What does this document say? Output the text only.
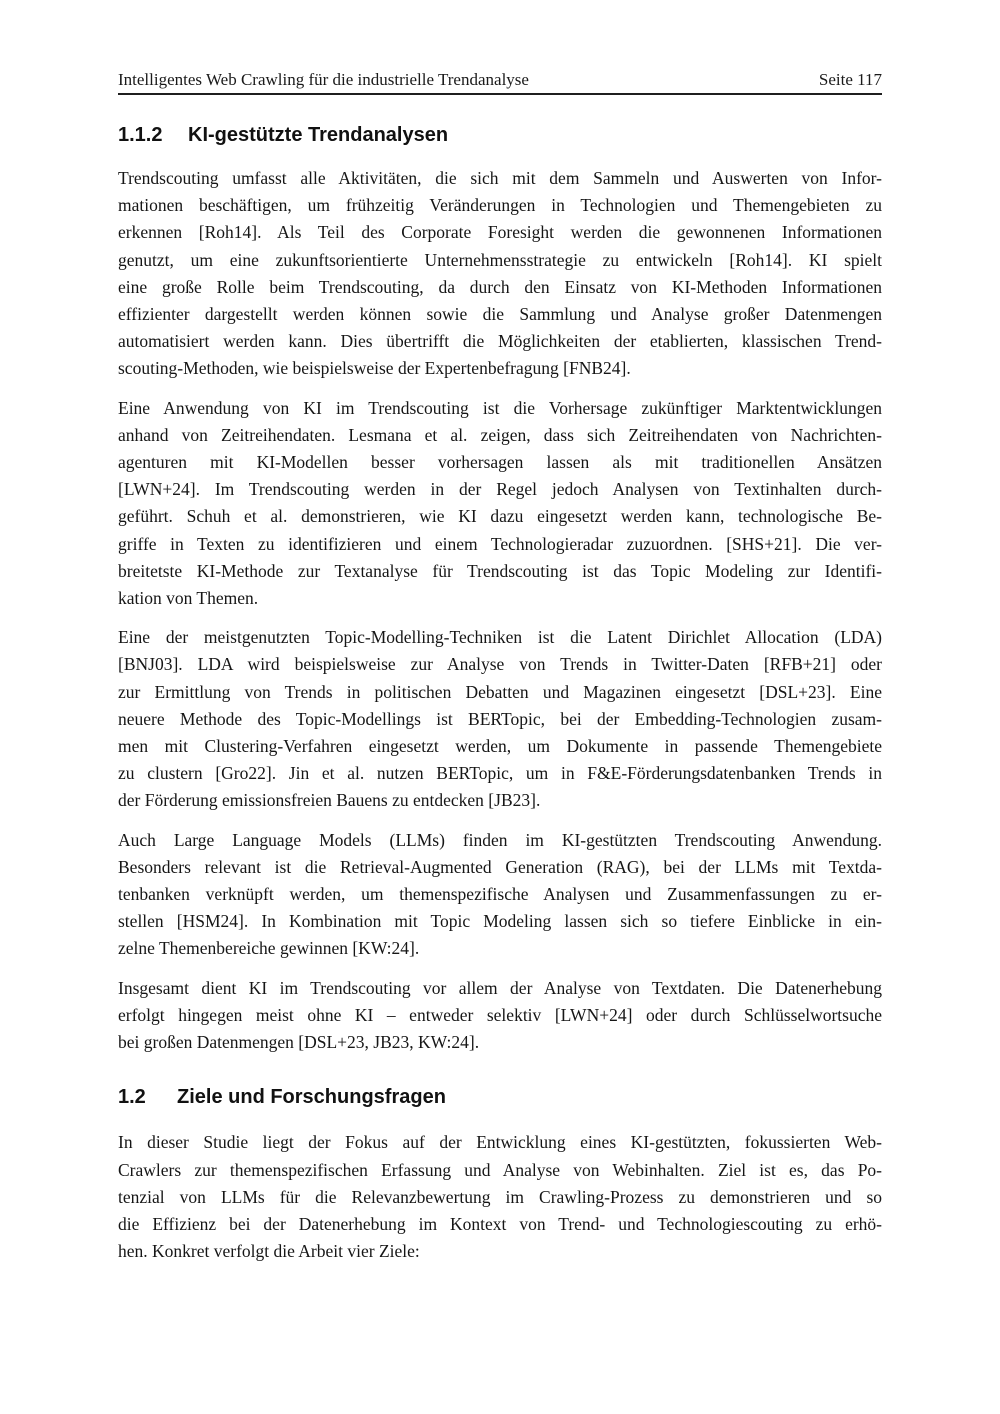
Intelligentes Web Crawling für die industrielle Trendanalyse	Seite 117
1.1.2	KI-gestützte Trendanalysen
Trendscouting umfasst alle Aktivitäten, die sich mit dem Sammeln und Auswerten von Infor-
mationen beschäftigen, um frühzeitig Veränderungen in Technologien und Themengebieten zu
erkennen [Roh14]. Als Teil des Corporate Foresight werden die gewonnenen Informationen
genutzt, um eine zukunftsorientierte Unternehmensstrategie zu entwickeln [Roh14]. KI spielt
eine große Rolle beim Trendscouting, da durch den Einsatz von KI-Methoden Informationen
effizienter dargestellt werden können sowie die Sammlung und Analyse großer Datenmengen
automatisiert werden kann. Dies übertrifft die Möglichkeiten der etablierten, klassischen Trend-
scouting-Methoden, wie beispielsweise der Expertenbefragung [FNB24].
Eine Anwendung von KI im Trendscouting ist die Vorhersage zukünftiger Marktentwicklungen
anhand von Zeitreihendaten. Lesmana et al. zeigen, dass sich Zeitreihendaten von Nachrichten-
agenturen mit KI-Modellen besser vorhersagen lassen als mit traditionellen Ansätzen
[LWN+24]. Im Trendscouting werden in der Regel jedoch Analysen von Textinhalten durch-
geführt. Schuh et al. demonstrieren, wie KI dazu eingesetzt werden kann, technologische Be-
griffe in Texten zu identifizieren und einem Technologieradar zuzuordnen. [SHS+21]. Die ver-
breitetste KI-Methode zur Textanalyse für Trendscouting ist das Topic Modeling zur Identifi-
kation von Themen.
Eine der meistgenutzten Topic-Modelling-Techniken ist die Latent Dirichlet Allocation (LDA)
[BNJ03]. LDA wird beispielsweise zur Analyse von Trends in Twitter-Daten [RFB+21] oder
zur Ermittlung von Trends in politischen Debatten und Magazinen eingesetzt [DSL+23]. Eine
neuere Methode des Topic-Modellings ist BERTopic, bei der Embedding-Technologien zusam-
men mit Clustering-Verfahren eingesetzt werden, um Dokumente in passende Themengebiete
zu clustern [Gro22]. Jin et al. nutzen BERTopic, um in F&E-Förderungsdatenbanken Trends in
der Förderung emissionsfreien Bauens zu entdecken [JB23].
Auch Large Language Models (LLMs) finden im KI-gestützten Trendscouting Anwendung.
Besonders relevant ist die Retrieval-Augmented Generation (RAG), bei der LLMs mit Textda-
tenbanken verknüpft werden, um themenspezifische Analysen und Zusammenfassungen zu er-
stellen [HSM24]. In Kombination mit Topic Modeling lassen sich so tiefere Einblicke in ein-
zelne Themenbereiche gewinnen [KW:24].
Insgesamt dient KI im Trendscouting vor allem der Analyse von Textdaten. Die Datenerhebung
erfolgt hingegen meist ohne KI – entweder selektiv [LWN+24] oder durch Schlüsselwortsuche
bei großen Datenmengen [DSL+23, JB23, KW:24].
1.2	Ziele und Forschungsfragen
In dieser Studie liegt der Fokus auf der Entwicklung eines KI-gestützten, fokussierten Web-
Crawlers zur themenspezifischen Erfassung und Analyse von Webinhalten. Ziel ist es, das Po-
tenzial von LLMs für die Relevanzbewertung im Crawling-Prozess zu demonstrieren und so
die Effizienz bei der Datenerhebung im Kontext von Trend- und Technologiescouting zu erhö-
hen. Konkret verfolgt die Arbeit vier Ziele:
